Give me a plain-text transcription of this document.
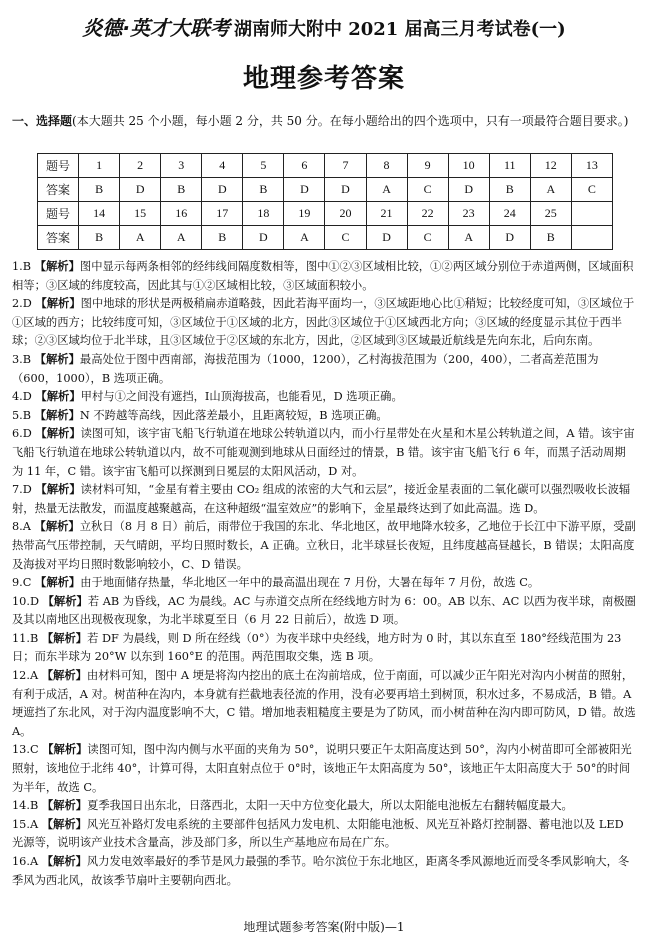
炎德·英才大联考 湖南师大附中 2021 届高三月考试卷(一)
地理参考答案
一、选择题(本大题共 25 个小题，每小题 2 分，共 50 分。在每小题给出的四个选项中，只有一项最符合题目要求。)
题号	1	2	3	4	5	6	7	8	9	10	11	12	13
答案	B	D	B	D	B	D	D	A	C	D	B	A	C
题号	14	15	16	17	18	19	20	21	22	23	24	25	
答案	B	A	A	B	D	A	C	D	C	A	D	B	

1.B 【解析】图中显示每两条相邻的经纬线间隔度数相等，图中①②③区域相比较，①②两区域分别位于赤道两侧，区域面积相等；③区域的纬度较高，因此其与①②区域相比较，③区域面积较小。

2.D 【解析】图中地球的形状是两极稍扁赤道略鼓，因此若海平面均一，③区域距地心比①稍短；比较经度可知，③区域位于①区域的西方；比较纬度可知，③区域位于①区域的北方，因此③区域位于①区域西北方向；③区域的经度显示其位于西半球；②③区域均位于北半球，且③区域位于②区域的东北方，因此，②区域到③区域最近航线是先向东北，后向东南。

3.B 【解析】最高处位于图中西南部，海拔范围为（1000，1200），乙村海拔范围为（200，400），二者高差范围为（600，1000），B 选项正确。

4.D 【解析】甲村与①之间没有遮挡，Ⅰ山顶海拔高，也能看见，D 选项正确。

5.B 【解析】N 不跨越等高线，因此落差最小，且距离较短，B 选项正确。

6.D 【解析】读图可知，该宇宙飞船飞行轨道在地球公转轨道以内，而小行星带处在火星和木星公转轨道之间，A 错。该宇宙飞船飞行轨道在地球公转轨道以内，故不可能观测到地球从日面经过的情景，B 错。该宇宙飞船飞行 6 年，而黑子活动周期为 11 年，C 错。该宇宙飞船可以探测到日冕层的太阳风活动，D 对。

7.D 【解析】读材料可知，“金星有着主要由 CO₂ 组成的浓密的大气和云层”，接近金星表面的二氧化碳可以强烈吸收长波辐射，热量无法散发，而温度越聚越高，在这种超级“温室效应”的影响下，金星最终达到了如此高温。选 D。

8.A 【解析】立秋日（8 月 8 日）前后，雨带位于我国的东北、华北地区，故甲地降水较多，乙地位于长江中下游平原，受副热带高气压带控制，天气晴朗，平均日照时数长，A 正确。立秋日，北半球昼长夜短，且纬度越高昼越长，B 错误；太阳高度及海拔对平均日照时数影响较小，C、D 错误。

9.C 【解析】由于地面储存热量，华北地区一年中的最高温出现在 7 月份，大暑在每年 7 月份，故选 C。

10.D 【解析】若 AB 为昏线，AC 为晨线。AC 与赤道交点所在经线地方时为 6：00。AB 以东、AC 以西为夜半球，南极圈及其以南地区出现极夜现象，为北半球夏至日（6 月 22 日前后），故选 D 项。

11.B 【解析】若 DF 为晨线，则 D 所在经线（0°）为夜半球中央经线，地方时为 0 时，其以东直至 180°经线范围为 23 日；而东半球为 20°W 以东到 160°E 的范围。两范围取交集，选 B 项。

12.A 【解析】由材料可知，图中 A 埂是将沟内挖出的底土在沟前培成，位于南面，可以减少正午阳光对沟内小树苗的照射，有利于成活，A 对。树苗种在沟内，本身就有拦截地表径流的作用，没有必要再培土到树顶，积水过多，不易成活，B 错。A 埂遮挡了东北风，对于沟内温度影响不大，C 错。增加地表粗糙度主要是为了防风，而小树苗种在沟内即可防风，D 错。故选 A。

13.C 【解析】读图可知，图中沟内侧与水平面的夹角为 50°，说明只要正午太阳高度达到 50°，沟内小树苗即可全部被阳光照射，该地位于北纬 40°，计算可得，太阳直射点位于 0°时，该地正午太阳高度为 50°，该地正午太阳高度大于 50°的时间为半年，故选 C。

14.B 【解析】夏季我国日出东北，日落西北，太阳一天中方位变化最大，所以太阳能电池板左右翻转幅度最大。

15.A 【解析】风光互补路灯发电系统的主要部件包括风力发电机、太阳能电池板、风光互补路灯控制器、蓄电池以及 LED 光源等，说明该产业技术含量高，涉及部门多，所以生产基地应布局在广东。

16.A 【解析】风力发电效率最好的季节是风力最强的季节。哈尔滨位于东北地区，距离冬季风源地近而受冬季风影响大，冬季风为西北风，故该季节扇叶主要朝向西北。

地理试题参考答案(附中版)—1
